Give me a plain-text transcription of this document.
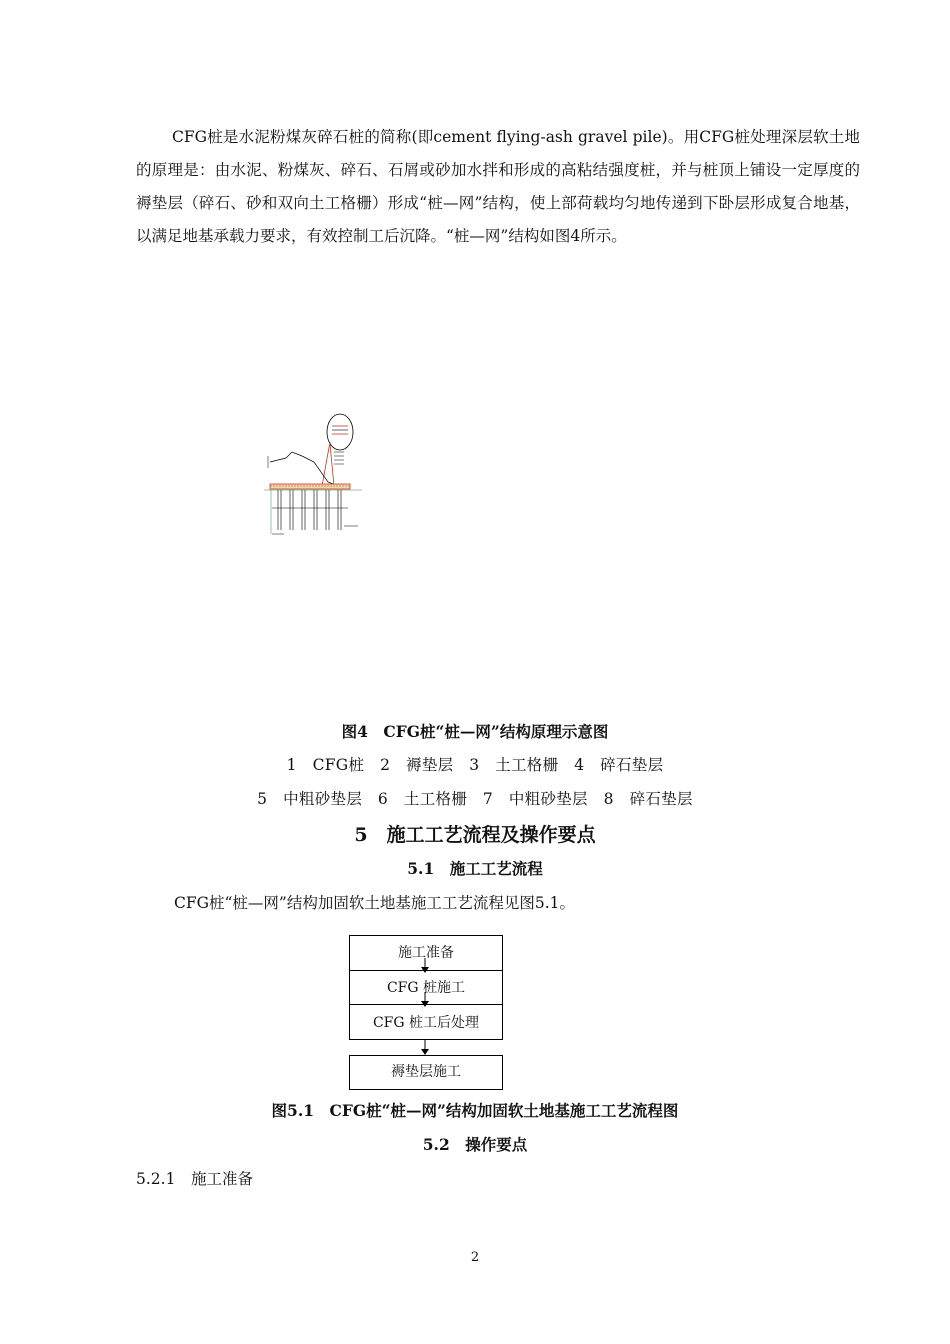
CFG桩是水泥粉煤灰碎石桩的简称(即cement flying-ash gravel pile)。用CFG桩处理深层软土地的原理是：由水泥、粉煤灰、碎石、石屑或砂加水拌和形成的高粘结强度桩，并与桩顶上铺设一定厚度的褥垫层（碎石、砂和双向土工格栅）形成“桩—网”结构，使上部荷载均匀地传递到下卧层形成复合地基，以满足地基承载力要求，有效控制工后沉降。“桩—网”结构如图4所示。
图4　CFG桩“桩—网”结构原理示意图
1　CFG桩　2　褥垫层　3　土工格栅　4　碎石垫层
5　中粗砂垫层　6　土工格栅　7　中粗砂垫层　8　碎石垫层
5　施工工艺流程及操作要点
5.1　施工工艺流程
CFG桩“桩—网”结构加固软土地基施工工艺流程见图5.1。
施工准备
CFG 桩施工
CFG 桩工后处理
褥垫层施工
图5.1　CFG桩“桩—网”结构加固软土地基施工工艺流程图
5.2　操作要点
5.2.1　施工准备
2
